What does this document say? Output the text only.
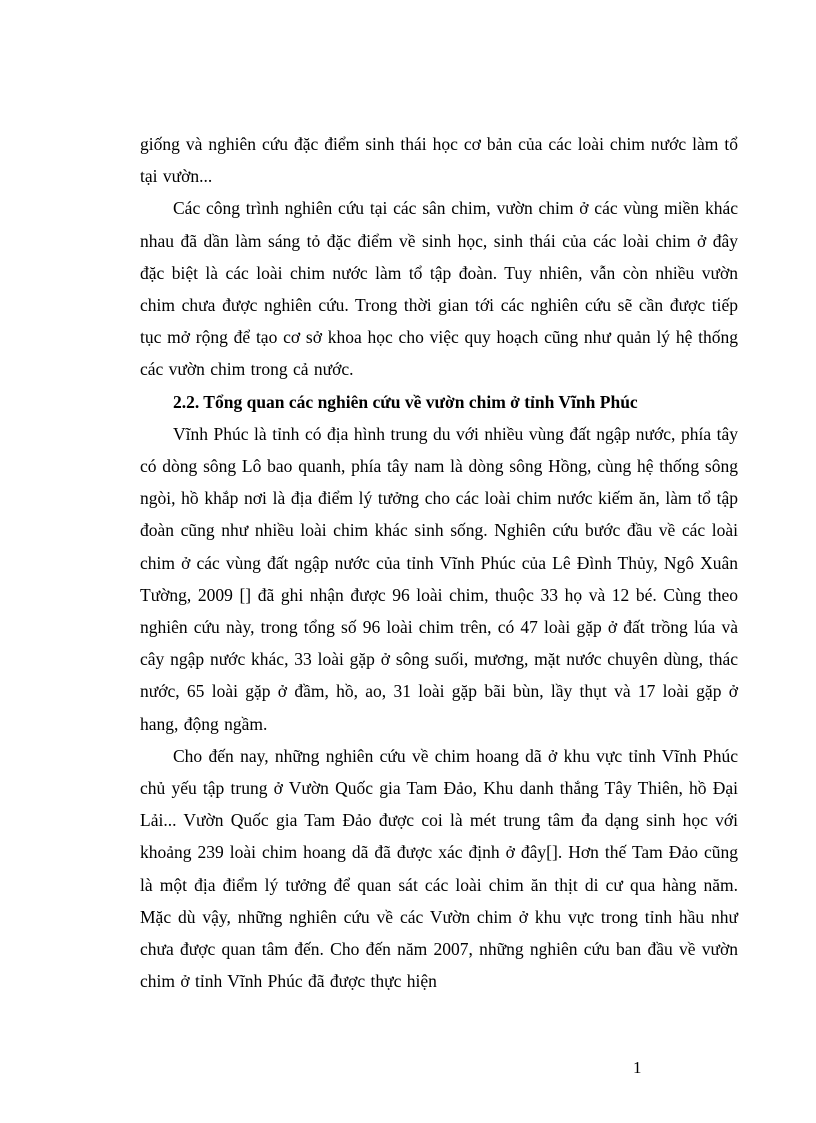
giống và nghiên cứu đặc điểm sinh thái học cơ bản của các loài chim nước làm tổ tại vườn...

Các công trình nghiên cứu tại các sân chim, vườn chim ở các vùng miền khác nhau đã dần làm sáng tỏ đặc điểm về sinh học, sinh thái của các loài chim ở đây đặc biệt là các loài chim nước làm tổ tập đoàn. Tuy nhiên, vẫn còn nhiều vườn chim chưa được nghiên cứu. Trong thời gian tới các nghiên cứu sẽ cần được tiếp tục mở rộng để tạo cơ sở khoa học cho việc quy hoạch cũng như quản lý hệ thống các vườn chim trong cả nước.

2.2. Tổng quan các nghiên cứu về vườn chim ở tỉnh Vĩnh Phúc

Vĩnh Phúc là tỉnh có địa hình trung du với nhiều vùng đất ngập nước, phía tây có dòng sông Lô bao quanh, phía tây nam là dòng sông Hồng, cùng hệ thống sông ngòi, hồ khắp nơi là địa điểm lý tưởng cho các loài chim nước kiếm ăn, làm tổ tập đoàn cũng như nhiều loài chim khác sinh sống. Nghiên cứu bước đầu về các loài chim ở các vùng đất ngập nước của tỉnh Vĩnh Phúc của Lê Đình Thủy, Ngô Xuân Tường, 2009 [] đã ghi nhận được 96 loài chim, thuộc 33 họ và 12 bé. Cùng theo nghiên cứu này, trong tổng số 96 loài chim trên, có 47 loài gặp ở đất trồng lúa và cây ngập nước khác, 33 loài gặp ở sông suối, mương, mặt nước chuyên dùng, thác nước, 65 loài gặp ở đầm, hồ, ao, 31 loài gặp bãi bùn, lầy thụt và 17 loài gặp ở hang, động ngầm.

Cho đến nay, những nghiên cứu về chim hoang dã ở khu vực tỉnh Vĩnh Phúc chủ yếu tập trung ở Vườn Quốc gia Tam Đảo, Khu danh thắng Tây Thiên, hồ Đại Lải... Vườn Quốc gia Tam Đảo được coi là mét trung tâm đa dạng sinh học với khoảng 239 loài chim hoang dã đã được xác định ở đây[]. Hơn thế Tam Đảo cũng là một địa điểm lý tưởng để quan sát các loài chim ăn thịt di cư qua hàng năm. Mặc dù vậy, những nghiên cứu về các Vườn chim ở khu vực trong tỉnh hầu như chưa được quan tâm đến. Cho đến năm 2007, những nghiên cứu ban đầu về vườn chim ở tỉnh Vĩnh Phúc đã được thực hiện

1
